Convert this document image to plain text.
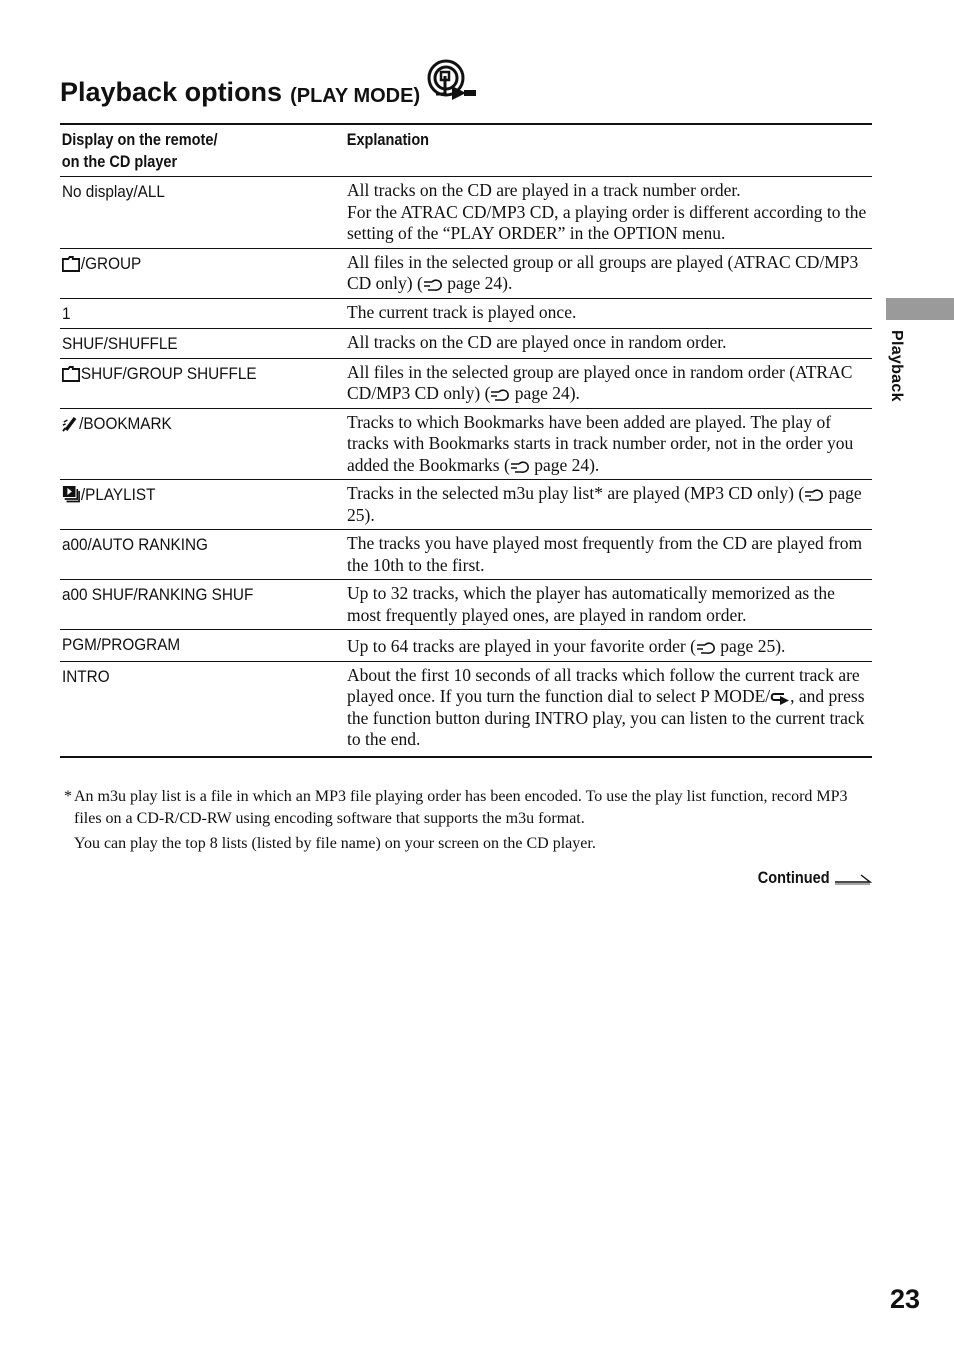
Playback options (PLAY MODE)
Display on the remote/
on the CD player	Explanation
No display/ALL	All tracks on the CD are played in a track number order.
For the ATRAC CD/MP3 CD, a playing order is different according to the setting of the “PLAY ORDER” in the OPTION menu.
/GROUP	All files in the selected group or all groups are played (ATRAC CD/MP3 CD only) ( page 24).
1	The current track is played once.
SHUF/SHUFFLE	All tracks on the CD are played once in random order.
SHUF/GROUP SHUFFLE	All files in the selected group are played once in random order (ATRAC CD/MP3 CD only) ( page 24).
/BOOKMARK	Tracks to which Bookmarks have been added are played. The play of tracks with Bookmarks starts in track number order, not in the order you added the Bookmarks ( page 24).
/PLAYLIST	Tracks in the selected m3u play list* are played (MP3 CD only) ( page 25).
a00/AUTO RANKING	The tracks you have played most frequently from the CD are played from the 10th to the first.
a00 SHUF/RANKING SHUF	Up to 32 tracks, which the player has automatically memorized as the most frequently played ones, are played in random order.
PGM/PROGRAM	Up to 64 tracks are played in your favorite order ( page 25).
INTRO	About the first 10 seconds of all tracks which follow the current track are played once. If you turn the function dial to select P MODE/ , and press the function button during INTRO play, you can listen to the current track to the end.
* An m3u play list is a file in which an MP3 file playing order has been encoded. To use the play list function, record MP3 files on a CD-R/CD-RW using encoding software that supports the m3u format.
You can play the top 8 lists (listed by file name) on your screen on the CD player.
Continued
Playback
23
